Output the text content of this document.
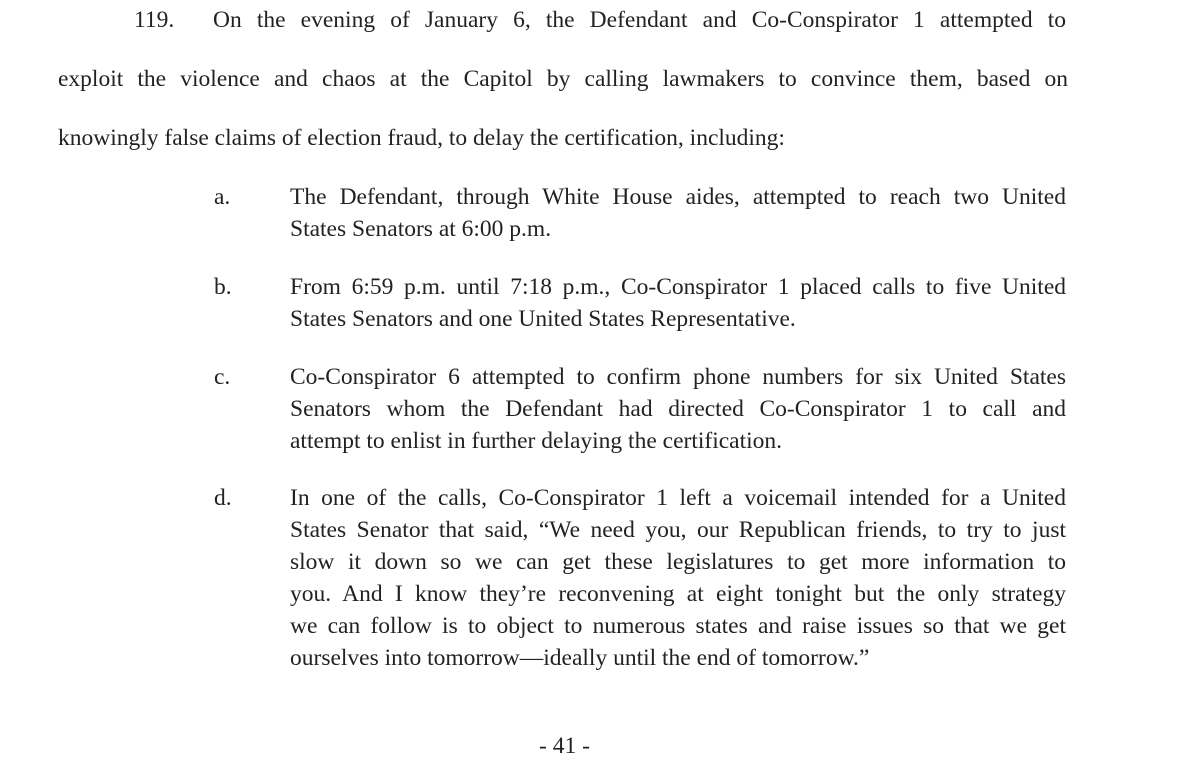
119. On the evening of January 6, the Defendant and Co-Conspirator 1 attempted to
exploit the violence and chaos at the Capitol by calling lawmakers to convince them, based on
knowingly false claims of election fraud, to delay the certification, including:
a.	The Defendant, through White House aides, attempted to reach two United
States Senators at 6:00 p.m.
b. From 6:59 p.m. until 7:18 p.m., Co-Conspirator 1 placed calls to five United
States Senators and one United States Representative.
c.	Co-Conspirator 6 attempted to confirm phone numbers for six United States
Senators whom the Defendant had directed Co-Conspirator 1 to call and
attempt to enlist in further delaying the certification.
d. In one of the calls, Co-Conspirator 1 left a voicemail intended for a United
States Senator that said, “We need you, our Republican friends, to try to just
slow it down so we can get these legislatures to get more information to
you. And I know they’re reconvening at eight tonight but the only strategy
we can follow is to object to numerous states and raise issues so that we get
ourselves into tomorrow—ideally until the end of tomorrow.”
- 41 -
